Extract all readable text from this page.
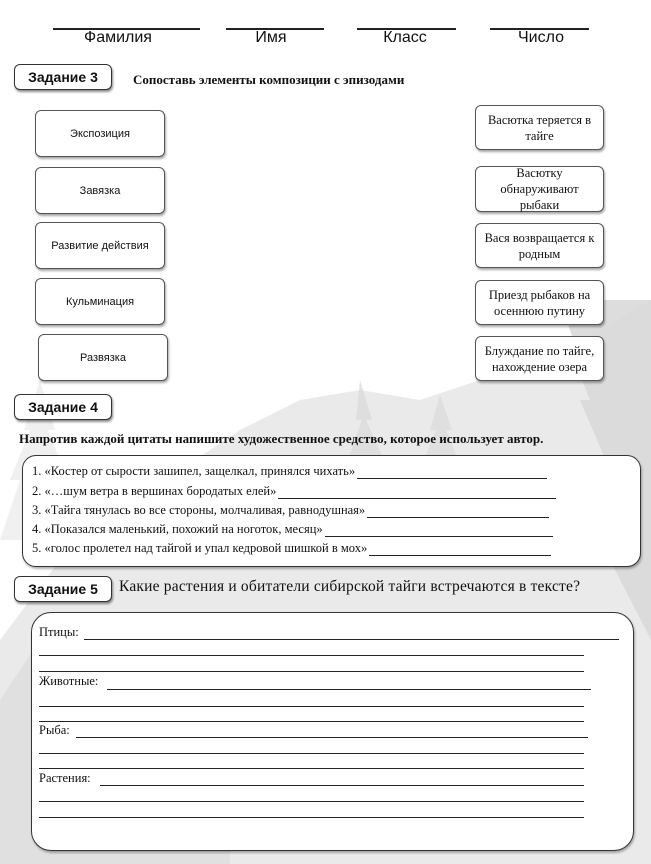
Фамилия	Имя	Класс	Число
Задание 3	Сопоставь элементы композиции с эпизодами
Экспозиция
Завязка
Развитие действия
Кульминация
Развязка
Васютка теряется в тайге
Васютку обнаруживают рыбаки
Вася возвращается к родным
Приезд рыбаков на осеннюю путину
Блуждание по тайге, нахождение озера
Задание 4
Напротив каждой цитаты напишите художественное средство, которое использует автор.
1. «Костер от сырости зашипел, защелкал, принялся чихать»
2. «…шум ветра в вершинах бородатых елей»
3. «Тайга тянулась во все стороны, молчаливая, равнодушная»
4. «Показался маленький, похожий на ноготок, месяц»
5. «голос пролетел над тайгой и упал кедровой шишкой в мох»
Задание 5	Какие растения и обитатели сибирской тайги встречаются в тексте?
Птицы:
Животные:
Рыба:
Растения:
